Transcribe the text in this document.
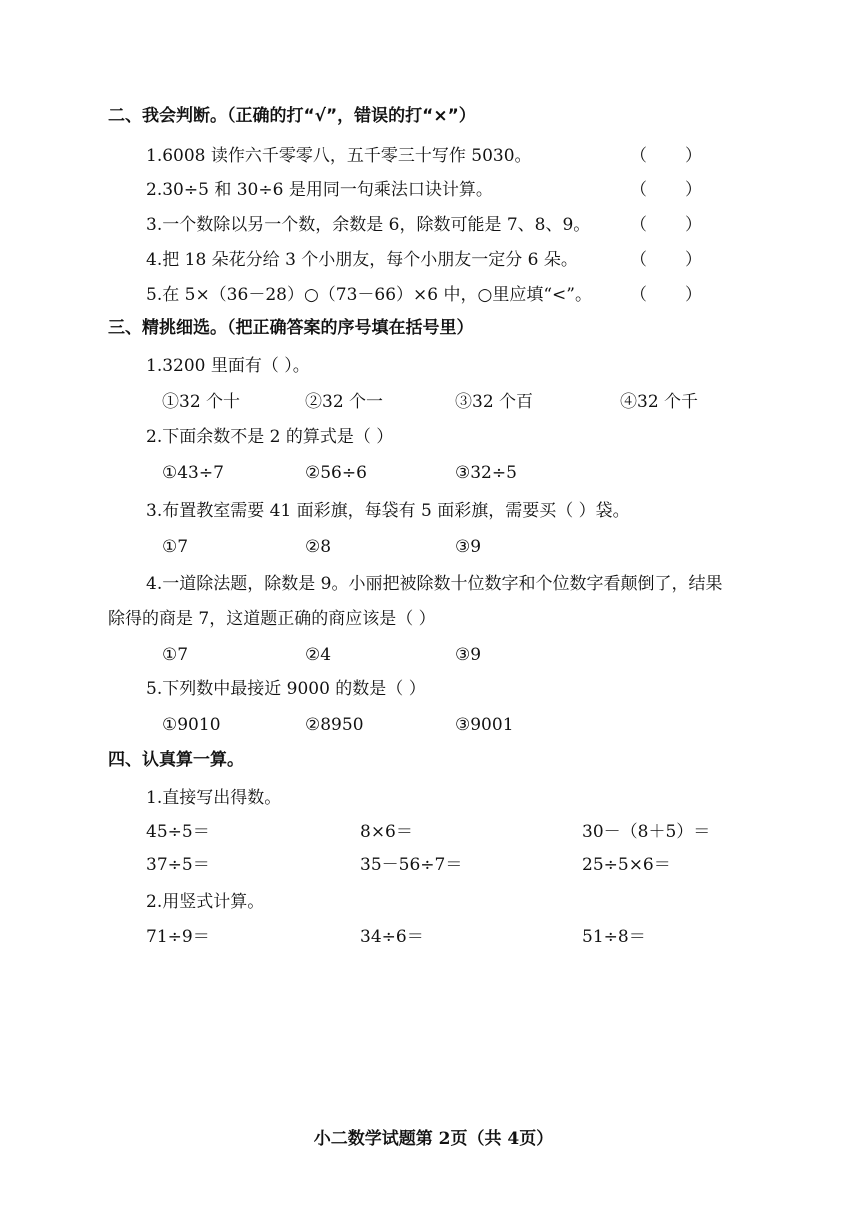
二、我会判断。（正确的打“√”，错误的打“×”）
1.6008 读作六千零零八，五千零三十写作 5030。	（ ）
2.30÷5 和 30÷6 是用同一句乘法口诀计算。	（ ）
3.一个数除以另一个数，余数是 6，除数可能是 7、8、9。 （ ）
4.把 18 朵花分给 3 个小朋友，每个小朋友一定分 6 朵。	（ ）
5.在 5×（36－28）○（73－66）×6 中，○里应填“<”。 （ ）
三、精挑细选。（把正确答案的序号填在括号里）
1.3200 里面有（ ）。
①32 个十	②32 个一	③32 个百	④32 个千
2.下面余数不是 2 的算式是（ ）
①43÷7	②56÷6	③32÷5
3.布置教室需要 41 面彩旗，每袋有 5 面彩旗，需要买（ ）袋。
①7	②8	③9
4.一道除法题，除数是 9。小丽把被除数十位数字和个位数字看颠倒了，结果
除得的商是 7，这道题正确的商应该是（ ）
①7	②4	③9
5.下列数中最接近 9000 的数是（ ）
①9010	②8950	③9001
四、认真算一算。
1.直接写出得数。
45÷5＝	8×6＝	30－（8＋5）＝
37÷5＝	35－56÷7＝	25÷5×6＝
2.用竖式计算。
71÷9＝	34÷6＝	51÷8＝
小二数学试题第 2页（共 4页）
